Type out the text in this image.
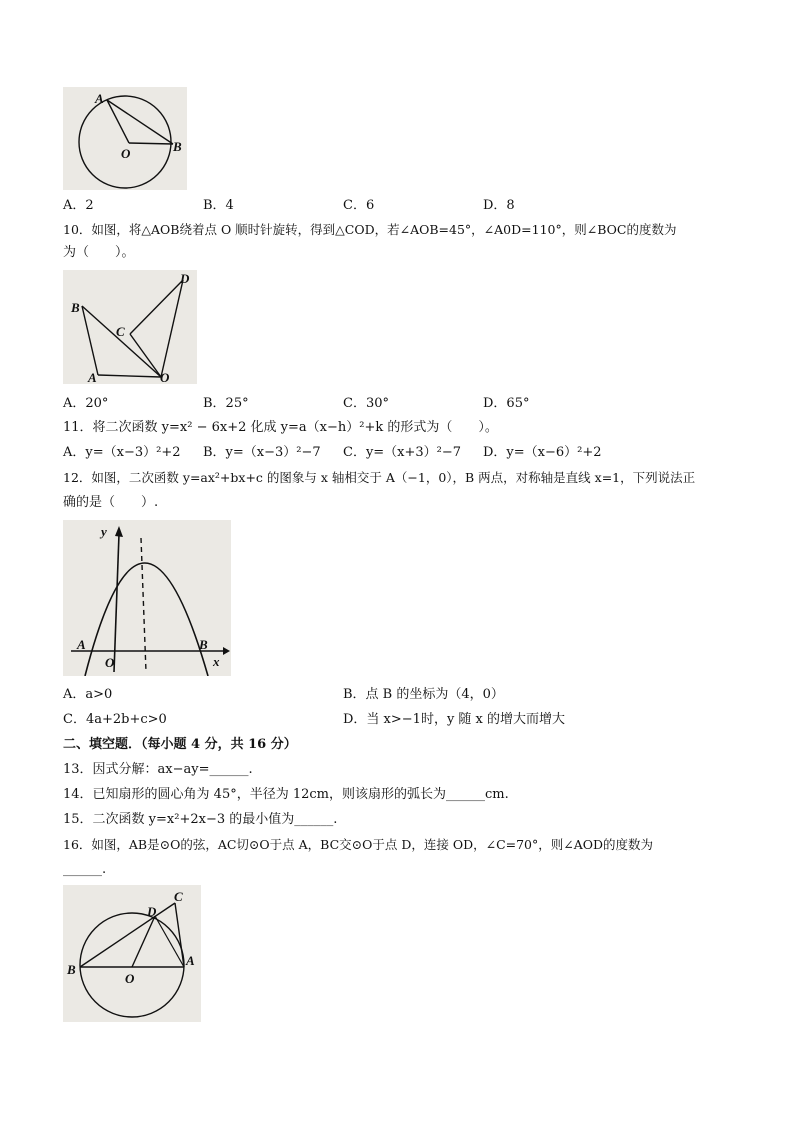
A
O	B
A．2	B．4	C．6	D．8
10．如图，将△AOB绕着点 O 顺时针旋转，得到△COD，若∠AOB=45°，∠A0D=110°，则∠BOC的度数为
为（　　）。
B
C
D
A	O
A．20°	B．25°	C．30°	D．65°
11．将二次函数 y=x² − 6x+2 化成 y=a（x−h）²+k 的形式为（　　）。
A．y=（x−3）²+2 B．y=（x−3）²−7 C．y=（x+3）²−7 D．y=（x−6）²+2
12．如图，二次函数 y=ax²+bx+c 的图象与 x 轴相交于 A（−1，0），B 两点，对称轴是直线 x=1，下列说法正
确的是（　　）.
y
A
O
B
x
A．a>0	B．点 B 的坐标为（4，0）
C．4a+2b+c>0	D．当 x>−1时，y 随 x 的增大而增大
二、填空题．（每小题 4 分，共 16 分）
13．因式分解：ax−ay=______.
14．已知扇形的圆心角为 45°，半径为 12cm，则该扇形的弧长为______cm.
15．二次函数 y=x²+2x−3 的最小值为______.
16．如图，AB是⊙O的弦，AC切⊙O于点 A，BC交⊙O于点 D，连接 OD，∠C=70°，则∠AOD的度数为
______.
C
D
B
O
A
